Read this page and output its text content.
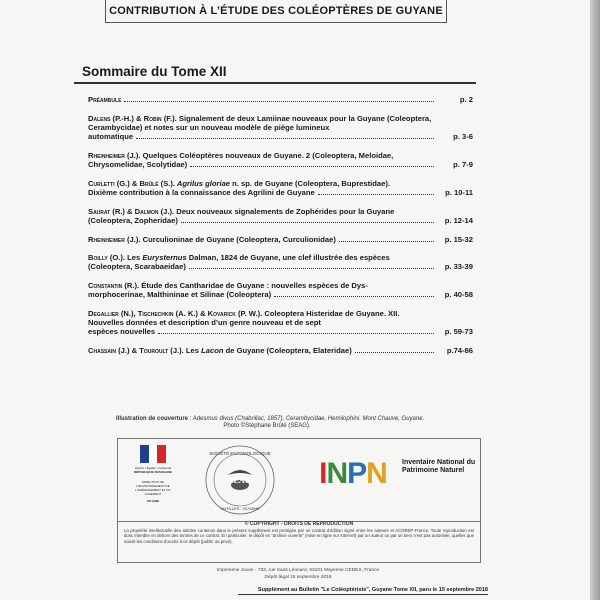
CONTRIBUTION À L’ÉTUDE DES COLÉOPTÈRES DE GUYANE
Sommaire du Tome XII
Préambule	p. 2
Dalens (P.-H.) & Robin (F.). Signalement de deux Lamiinae nouveaux pour la Guyane (Coleoptera, Cerambycidae) et notes sur un nouveau modèle de piège lumineux
automatique	p. 3-6
Rheinheimer (J.). Quelques Coléoptères nouveaux de Guyane. 2 (Coleoptera, Meloidae,
Chrysomelidae, Scolytidae)	p. 7-9
Curletti (G.) & Brûlé (S.). Agrilus gloriae n. sp. de Guyane (Coleoptera, Buprestidae).
Dixième contribution à la connaissance des Agrilini de Guyane	p. 10-11
Saurat (R.) & Dalmon (J.). Deux nouveaux signalements de Zophérides pour la Guyane
(Coleoptera, Zopheridae)	p. 12-14
Rheinheimer (J.). Curculioninae de Guyane (Coleoptera, Curculionidae)	p. 15-32
Boilly (O.). Les Eurysternus Dalman, 1824 de Guyane, une clef illustrée des espèces
(Coleoptera, Scarabaeidae)	p. 33-39
Constantin (R.). Étude des Cantharidae de Guyane : nouvelles espèces de Dys-
morphocerinae, Malthininae et Silinae (Coleoptera)	p. 40-58
Degallier (N.), Tischechkin (A. K.) & Kovarick (P. W.). Coleoptera Histeridae de Guyane. XII. Nouvelles données et description d’un genre nouveau et de sept
espèces nouvelles	p. 59-73
Chassain (J.) & Touroult (J.). Les Lacon de Guyane (Coleoptera, Elateridae)	p.74-86
Illustration de couverture : Adesmus divus (Chabrillac, 1857), Cerambycidae, Hemilophini. Mont Chauve, Guyane.
Photo ©Stéphane Brûlé (SEAG).
Liberté • Égalité • Fraternité
RÉPUBLIQUE FRANÇAISE
DIRECTION DE L’ENVIRONNEMENT DE L’AMÉNAGEMENT ET DU LOGEMENT
GUYANE
SOCIÉTÉ ENTOMOLOGIQUE
SEAG
ANTILLES - GUYANE
I N P N Inventaire National du Patrimoine Naturel
© COPYRIGHT - DROITS DE REPRODUCTION
La propriété intellectuelle des articles contenus dans le présent supplément est protégée par un contrat d’édition signé entre les auteurs et ACOREP-France. Toute reproduction est donc interdite en dehors des termes de ce contrat. En particulier, le dépôt en "archive ouverte" (mise en ligne sur Internet) par un auteur ou par un tiers n’est pas autorisée, quelles que soient les conditions d’accès à ce dépôt (public ou privé).
Imprimerie Jouve - 733, rue Saint Léonard, 53101 Mayenne CEDEX, France
Dépôt légal 15 septembre 2018
Supplément au Bulletin "Le Coléoptériste", Guyane Tome XII, paru le 15 septembre 2018
